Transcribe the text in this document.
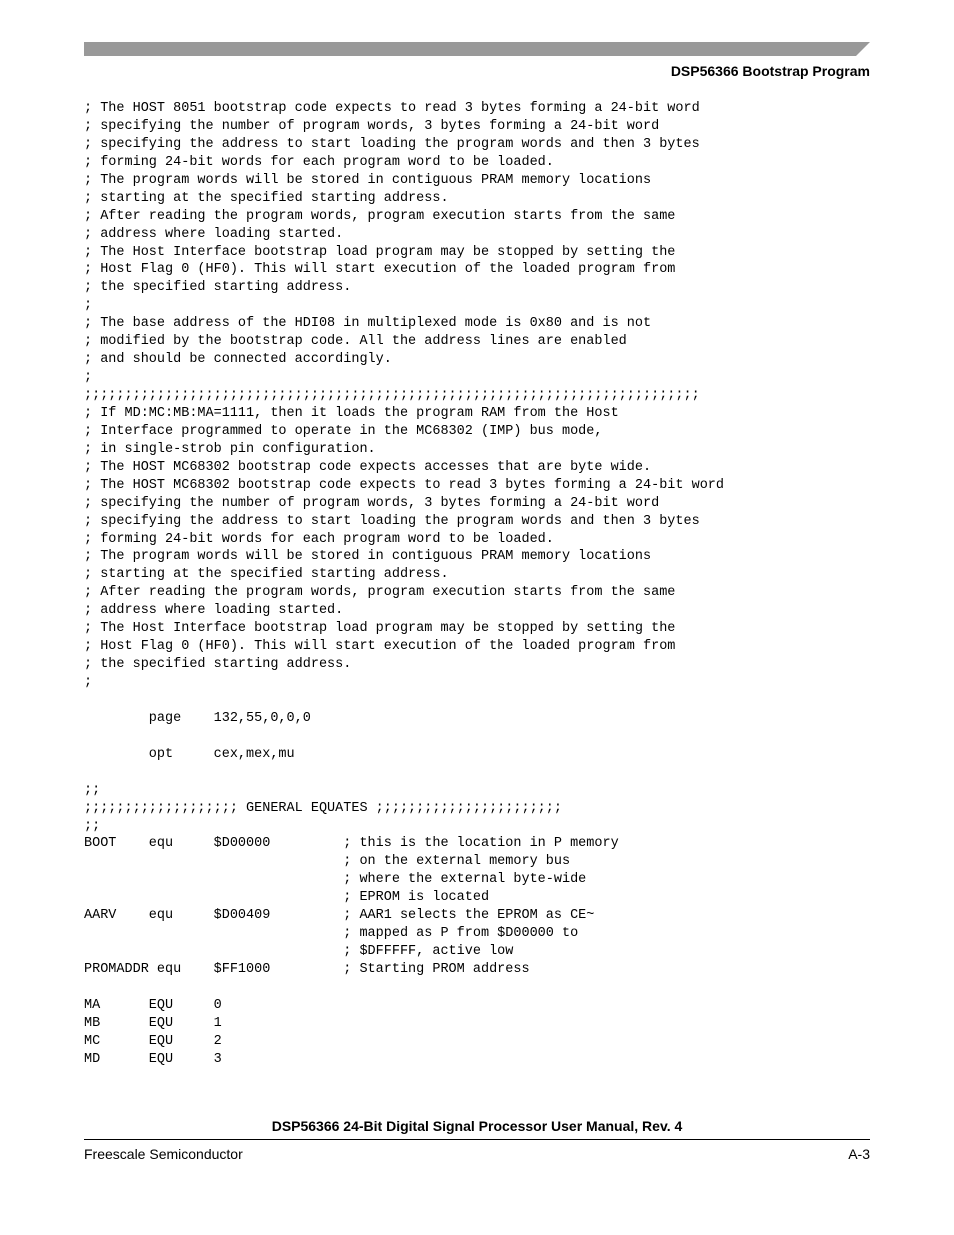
DSP56366 Bootstrap Program
; The HOST 8051 bootstrap code expects to read 3 bytes forming a 24-bit word
; specifying the number of program words, 3 bytes forming a 24-bit word
; specifying the address to start loading the program words and then 3 bytes
; forming 24-bit words for each program word to be loaded.
; The program words will be stored in contiguous PRAM memory locations
; starting at the specified starting address.
; After reading the program words, program execution starts from the same
; address where loading started.
; The Host Interface bootstrap load program may be stopped by setting the
; Host Flag 0 (HF0). This will start execution of the loaded program from
; the specified starting address.
;
; The base address of the HDI08 in multiplexed mode is 0x80 and is not
; modified by the bootstrap code. All the address lines are enabled
; and should be connected accordingly.
;
;;;;;;;;;;;;;;;;;;;;;;;;;;;;;;;;;;;;;;;;;;;;;;;;;;;;;;;;;;;;;;;;;;;;;;;;;;;;
; If MD:MC:MB:MA=1111, then it loads the program RAM from the Host
; Interface programmed to operate in the MC68302 (IMP) bus mode,
; in single-strob pin configuration.
; The HOST MC68302 bootstrap code expects accesses that are byte wide.
; The HOST MC68302 bootstrap code expects to read 3 bytes forming a 24-bit word
; specifying the number of program words, 3 bytes forming a 24-bit word
; specifying the address to start loading the program words and then 3 bytes
; forming 24-bit words for each program word to be loaded.
; The program words will be stored in contiguous PRAM memory locations
; starting at the specified starting address.
; After reading the program words, program execution starts from the same
; address where loading started.
; The Host Interface bootstrap load program may be stopped by setting the
; Host Flag 0 (HF0). This will start execution of the loaded program from
; the specified starting address.
;
page    132,55,0,0,0
opt     cex,mex,mu
;;
;;;;;;;;;;;;;;;;;;; GENERAL EQUATES ;;;;;;;;;;;;;;;;;;;;;;;
;;
BOOT    equ     $D00000         ; this is the location in P memory
; on the external memory bus
; where the external byte-wide
; EPROM is located
AARV    equ     $D00409         ; AAR1 selects the EPROM as CE~
; mapped as P from $D00000 to
; $DFFFFF, active low
PROMADDR equ    $FF1000         ; Starting PROM address
MA      EQU     0
MB      EQU     1
MC      EQU     2
MD      EQU     3
DSP56366 24-Bit Digital Signal Processor User Manual, Rev. 4
Freescale Semiconductor	A-3
